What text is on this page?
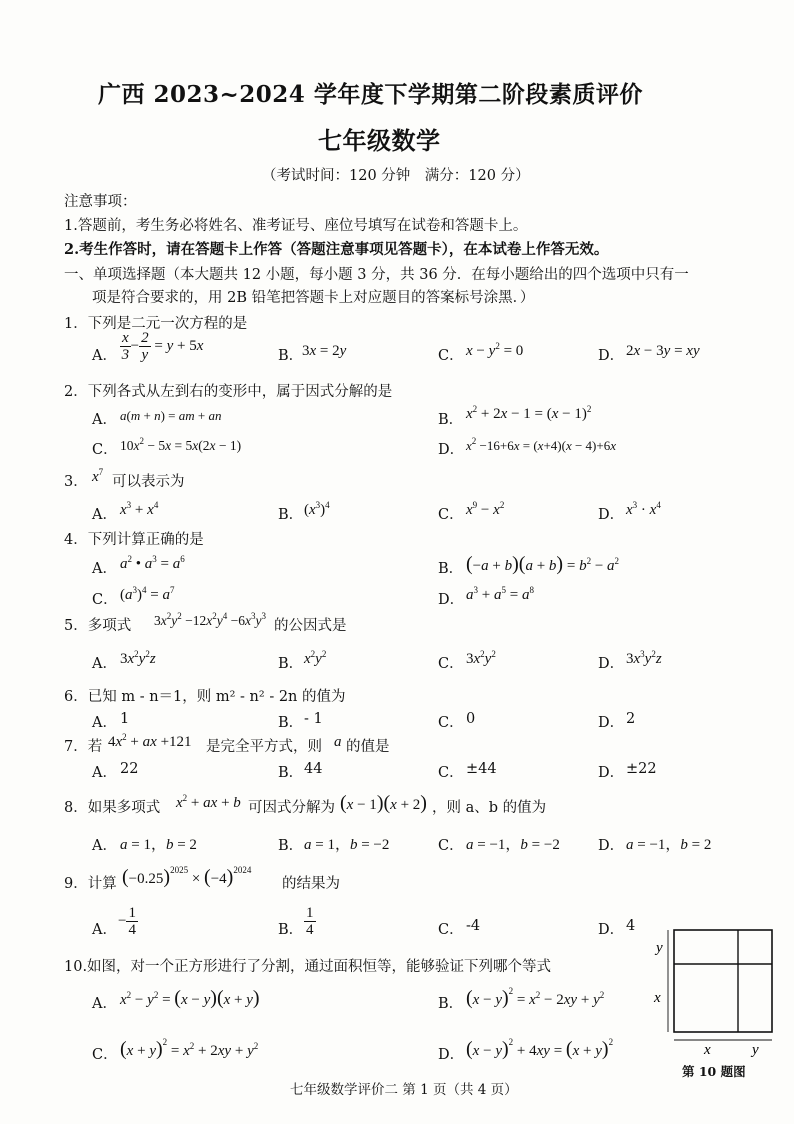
广西 2023~2024 学年度下学期第二阶段素质评价
七年级数学
（考试时间：120 分钟　满分：120 分）
注意事项：
1.答题前，考生务必将姓名、准考证号、座位号填写在试卷和答题卡上。
2.考生作答时，请在答题卡上作答（答题注意事项见答题卡），在本试卷上作答无效。
一、单项选择题（本大题共 12 小题，每小题 3 分，共 36 分．在每小题给出的四个选项中只有一
项是符合要求的，用 2B 铅笔把答题卡上对应题目的答案标号涂黑．）
1．下列是二元一次方程的是
A． $\frac{x}{3} - \frac{2}{y} = y + 5x$
B．
3x = 2y	C． $x - y^2 = 0$	D． 2x − 3y = xy
2．下列各式从左到右的变形中，属于因式分解的是
A． a(m + n) = am + an	B． $x^2 + 2x - 1 = (x - 1)^2$
C． $10x^2 - 5x = 5x(2x - 1)$	D． $x^2 -16+6x = (x+4)(x - 4)+6x$
3． $x^7$
可以表示为
A． $x^3 + x^4$
B． $(x^3)^4$
C． $x^9 - x^2$
D． $x^3 \cdot x^4$
4．下列计算正确的是
A． $a^2$ • $a^3 = a^6$
B． $(-a + b)(a + b) = b^2 - a^2$
C． $(a^3)^4 = a^7$
D． $a^3 + a^5 = a^8$
5．多项式 $3x^2y^2 -12x^2y^4 -6x^3y^3$
的公因式是
A． $3x^2y^2z$	B． $x^2y^2$
C． $3x^2y^2$
D． $3x^3y^2z$
6．已知 m - n＝1，则 m² - n² - 2n 的值为
A． 1	B． - 1	C． 0	D． 2
7．若 $4x^2$ + ax +121 是完全平方式，则 a 的值是
A． 22	B． 44	C． ±44	D． ±22
8．如果多项式 $x^2$ + ax + b 可因式分解为 (x − 1)(x + 2) ，则 a、b 的值为
A． a = 1，b = 2	B． a = 1，b = −2	C． a = −1，b = −2	D． a = −1，b = 2
9．计算 $(-0.25)^{2025} \times (-4)^{2024}$
的结果为
A．
− $\frac{1}{4}$	B． $\frac{1}{4}$	C． -4	D． 4
10.如图，对一个正方形进行了分割，通过面积恒等，能够验证下列哪个等式
A． $x^2 - y^2 = (x - y)(x + y)$	B． $(x - y)^2 = x^2 - 2xy + y^2$
C． $(x + y)^2 = x^2 + 2xy + y^2$
D． $(x - y)^2 + 4xy = (x + y)^2$
y
x
x	y
第 10 题图
七年级数学评价二 第 1 页（共 4 页）
